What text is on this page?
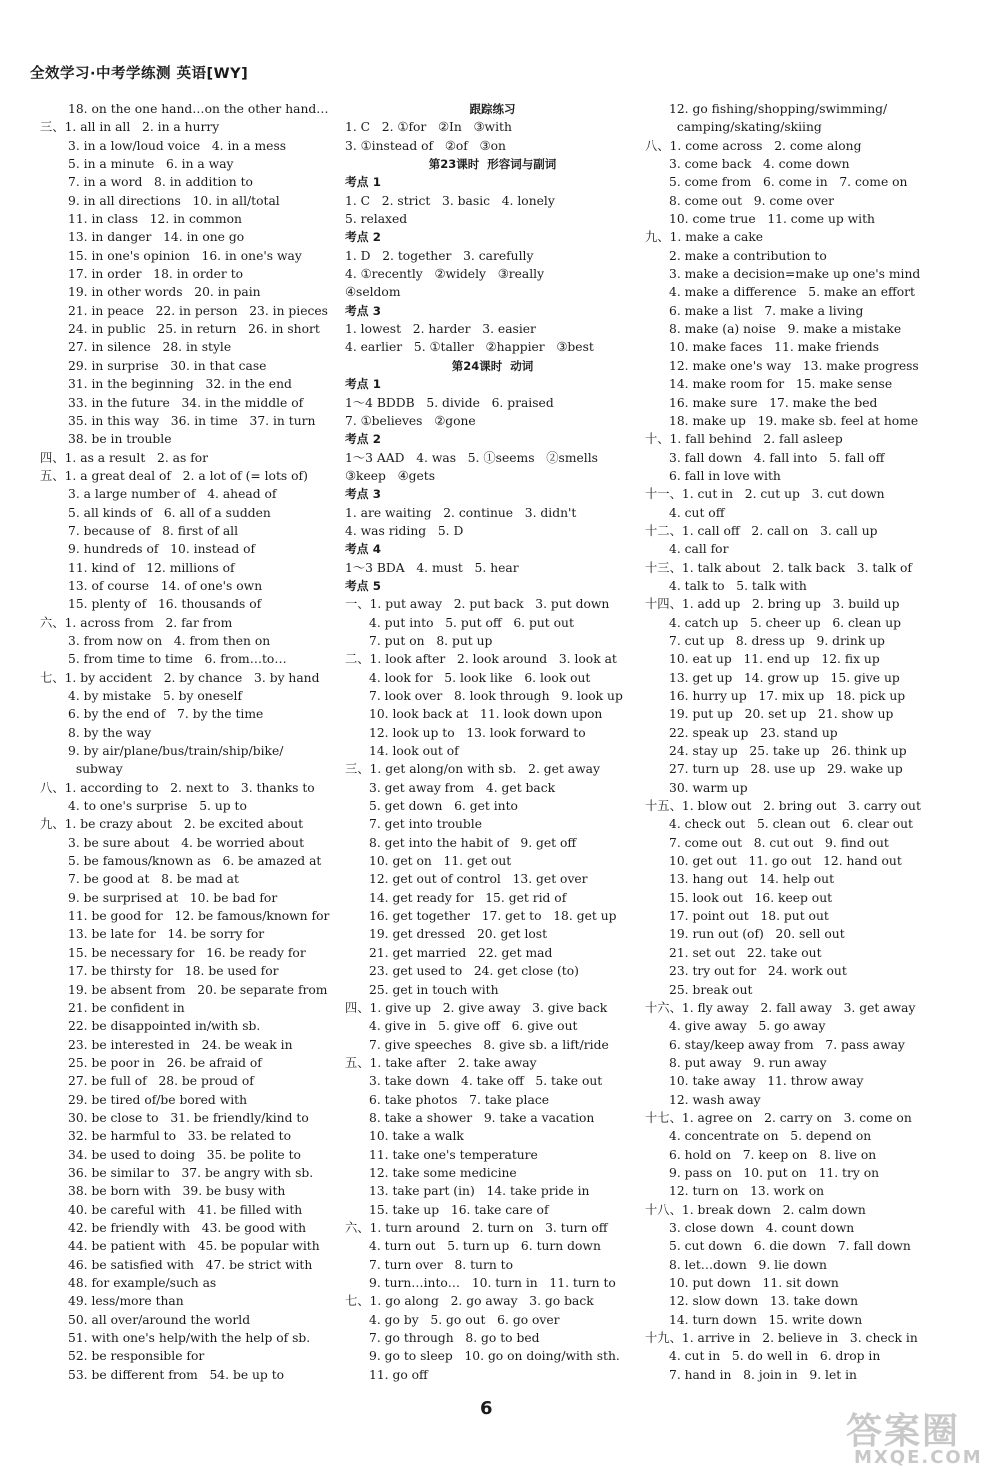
全效学习·中考学练测 英语[WY]
18. on the one hand…on the other hand…
三、1. all in all   2. in a hurry
3. in a low/loud voice   4. in a mess
5. in a minute   6. in a way
7. in a word   8. in addition to
9. in all directions   10. in all/total
11. in class   12. in common
13. in danger   14. in one go
15. in one's opinion   16. in one's way
17. in order   18. in order to
19. in other words   20. in pain
21. in peace   22. in person   23. in pieces
24. in public   25. in return   26. in short
27. in silence   28. in style
29. in surprise   30. in that case
31. in the beginning   32. in the end
33. in the future   34. in the middle of
35. in this way   36. in time   37. in turn
38. be in trouble
四、1. as a result   2. as for
五、1. a great deal of   2. a lot of (= lots of)
3. a large number of   4. ahead of
5. all kinds of   6. all of a sudden
7. because of   8. first of all
9. hundreds of   10. instead of
11. kind of   12. millions of
13. of course   14. of one's own
15. plenty of   16. thousands of
六、1. across from   2. far from
3. from now on   4. from then on
5. from time to time   6. from…to…
七、1. by accident   2. by chance   3. by hand
4. by mistake   5. by oneself
6. by the end of   7. by the time
8. by the way
9. by air/plane/bus/train/ship/bike/
subway
八、1. according to   2. next to   3. thanks to
4. to one's surprise   5. up to
九、1. be crazy about   2. be excited about
3. be sure about   4. be worried about
5. be famous/known as   6. be amazed at
7. be good at   8. be mad at
9. be surprised at   10. be bad for
11. be good for   12. be famous/known for
13. be late for   14. be sorry for
15. be necessary for   16. be ready for
17. be thirsty for   18. be used for
19. be absent from   20. be separate from
21. be confident in
22. be disappointed in/with sb.
23. be interested in   24. be weak in
25. be poor in   26. be afraid of
27. be full of   28. be proud of
29. be tired of/be bored with
30. be close to   31. be friendly/kind to
32. be harmful to   33. be related to
34. be used to doing   35. be polite to
36. be similar to   37. be angry with sb.
38. be born with   39. be busy with
40. be careful with   41. be filled with
42. be friendly with   43. be good with
44. be patient with   45. be popular with
46. be satisfied with   47. be strict with
48. for example/such as
49. less/more than
50. all over/around the world
51. with one's help/with the help of sb.
52. be responsible for
53. be different from   54. be up to
跟踪练习
1. C   2. ①for   ②In   ③with
3. ①instead of   ②of   ③on
第23课时  形容词与副词
考点 1
1. C   2. strict   3. basic   4. lonely
5. relaxed
考点 2
1. D   2. together   3. carefully
4. ①recently   ②widely   ③really
④seldom
考点 3
1. lowest   2. harder   3. easier
4. earlier   5. ①taller   ②happier   ③best
第24课时  动词
考点 1
1～4 BDDB   5. divide   6. praised
7. ①believes   ②gone
考点 2
1～3 AAD   4. was   5. ①seems   ②smells
③keep   ④gets
考点 3
1. are waiting   2. continue   3. didn't
4. was riding   5. D
考点 4
1～3 BDA   4. must   5. hear
考点 5
一、1. put away   2. put back   3. put down
4. put into   5. put off   6. put out
7. put on   8. put up
二、1. look after   2. look around   3. look at
4. look for   5. look like   6. look out
7. look over   8. look through   9. look up
10. look back at   11. look down upon
12. look up to   13. look forward to
14. look out of
三、1. get along/on with sb.   2. get away
3. get away from   4. get back
5. get down   6. get into
7. get into trouble
8. get into the habit of   9. get off
10. get on   11. get out
12. get out of control   13. get over
14. get ready for   15. get rid of
16. get together   17. get to   18. get up
19. get dressed   20. get lost
21. get married   22. get mad
23. get used to   24. get close (to)
25. get in touch with
四、1. give up   2. give away   3. give back
4. give in   5. give off   6. give out
7. give speeches   8. give sb. a lift/ride
五、1. take after   2. take away
3. take down   4. take off   5. take out
6. take photos   7. take place
8. take a shower   9. take a vacation
10. take a walk
11. take one's temperature
12. take some medicine
13. take part (in)   14. take pride in
15. take up   16. take care of
六、1. turn around   2. turn on   3. turn off
4. turn out   5. turn up   6. turn down
7. turn over   8. turn to
9. turn…into…   10. turn in   11. turn to
七、1. go along   2. go away   3. go back
4. go by   5. go out   6. go over
7. go through   8. go to bed
9. go to sleep   10. go on doing/with sth.
11. go off
12. go fishing/shopping/swimming/
camping/skating/skiing
八、1. come across   2. come along
3. come back   4. come down
5. come from   6. come in   7. come on
8. come out   9. come over
10. come true   11. come up with
九、1. make a cake
2. make a contribution to
3. make a decision=make up one's mind
4. make a difference   5. make an effort
6. make a list   7. make a living
8. make (a) noise   9. make a mistake
10. make faces   11. make friends
12. make one's way   13. make progress
14. make room for   15. make sense
16. make sure   17. make the bed
18. make up   19. make sb. feel at home
十、1. fall behind   2. fall asleep
3. fall down   4. fall into   5. fall off
6. fall in love with
十一、1. cut in   2. cut up   3. cut down
4. cut off
十二、1. call off   2. call on   3. call up
4. call for
十三、1. talk about   2. talk back   3. talk of
4. talk to   5. talk with
十四、1. add up   2. bring up   3. build up
4. catch up   5. cheer up   6. clean up
7. cut up   8. dress up   9. drink up
10. eat up   11. end up   12. fix up
13. get up   14. grow up   15. give up
16. hurry up   17. mix up   18. pick up
19. put up   20. set up   21. show up
22. speak up   23. stand up
24. stay up   25. take up   26. think up
27. turn up   28. use up   29. wake up
30. warm up
十五、1. blow out   2. bring out   3. carry out
4. check out   5. clean out   6. clear out
7. come out   8. cut out   9. find out
10. get out   11. go out   12. hand out
13. hang out   14. help out
15. look out   16. keep out
17. point out   18. put out
19. run out (of)   20. sell out
21. set out   22. take out
23. try out for   24. work out
25. break out
十六、1. fly away   2. fall away   3. get away
4. give away   5. go away
6. stay/keep away from   7. pass away
8. put away   9. run away
10. take away   11. throw away
12. wash away
十七、1. agree on   2. carry on   3. come on
4. concentrate on   5. depend on
6. hold on   7. keep on   8. live on
9. pass on   10. put on   11. try on
12. turn on   13. work on
十八、1. break down   2. calm down
3. close down   4. count down
5. cut down   6. die down   7. fall down
8. let…down   9. lie down
10. put down   11. sit down
12. slow down   13. take down
14. turn down   15. write down
十九、1. arrive in   2. believe in   3. check in
4. cut in   5. do well in   6. drop in
7. hand in   8. join in   9. let in
6
答案圈
MXQE.COM
